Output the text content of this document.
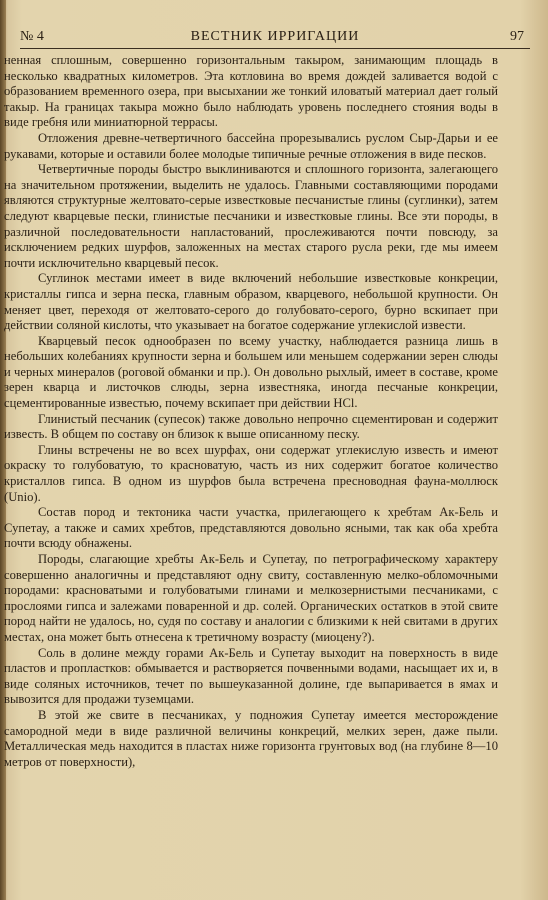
№ 4	ВЕСТНИК ИРРИГАЦИИ	97

ненная сплошным, совершенно горизонтальным такыром, занимающим площадь в несколько квадратных километров. Эта котловина во время дождей заливается водой с образованием временного озера, при высыхании же тонкий иловатый материал дает голый такыр. На границах такыра можно было наблюдать уровень последнего стояния воды в виде гребня или миниатюрной террасы.

Отложения древне-четвертичного бассейна прорезывались руслом Сыр-Дарьи и ее рукавами, которые и оставили более молодые типичные речные отложения в виде песков.

Четвертичные породы быстро выклиниваются и сплошного горизонта, залегающего на значительном протяжении, выделить не удалось. Главными составляющими породами являются структурные желтовато-серые известковые песчанистые глины (суглинки), затем следуют кварцевые пески, глинистые песчаники и известковые глины. Все эти породы, в различной последовательности напластований, прослеживаются почти повсюду, за исключением редких шурфов, заложенных на местах старого русла реки, где мы имеем почти исключительно кварцевый песок.

Суглинок местами имеет в виде включений небольшие известковые конкреции, кристаллы гипса и зерна песка, главным образом, кварцевого, небольшой крупности. Он меняет цвет, переходя от желтовато-серого до голубовато-серого, бурно вскипает при действии соляной кислоты, что указывает на богатое содержание углекислой извести.

Кварцевый песок однообразен по всему участку, наблюдается разница лишь в небольших колебаниях крупности зерна и большем или меньшем содержании зерен слюды и черных минералов (роговой обманки и пр.). Он довольно рыхлый, имеет в составе, кроме зерен кварца и листочков слюды, зерна известняка, иногда песчаные конкреции, сцементированные известью, почему вскипает при действии HCl.

Глинистый песчаник (супесок) также довольно непрочно сцементирован и содержит известь. В общем по составу он близок к выше описанному песку.

Глины встречены не во всех шурфах, они содержат углекислую известь и имеют окраску то голубоватую, то красноватую, часть из них содержит богатое количество кристаллов гипса. В одном из шурфов была встречена пресноводная фауна-моллюск (Unio).

Состав пород и тектоника части участка, прилегающего к хребтам Ак-Бель и Супетау, а также и самих хребтов, представляются довольно ясными, так как оба хребта почти всюду обнажены.

Породы, слагающие хребты Ак-Бель и Супетау, по петрографическому характеру совершенно аналогичны и представляют одну свиту, составленную мелко-обломочными породами: красноватыми и голубоватыми глинами и мелкозернистыми песчаниками, с прослоями гипса и залежами поваренной и др. солей. Органических остатков в этой свите пород найти не удалось, но, судя по составу и аналогии с близкими к ней свитами в других местах, она может быть отнесена к третичному возрасту (миоцену?).

Соль в долине между горами Ак-Бель и Супетау выходит на поверхность в виде пластов и пропластков: обмывается и растворяется почвенными водами, насыщает их и, в виде соляных источников, течет по вышеуказанной долине, где выпаривается в ямах и вывозится для продажи туземцами.

В этой же свите в песчаниках, у подножия Супетау имеется месторождение самородной меди в виде различной величины конкреций, мелких зерен, даже пыли. Металлическая медь находится в пластах ниже горизонта грунтовых вод (на глубине 8—10 метров от поверхности),
